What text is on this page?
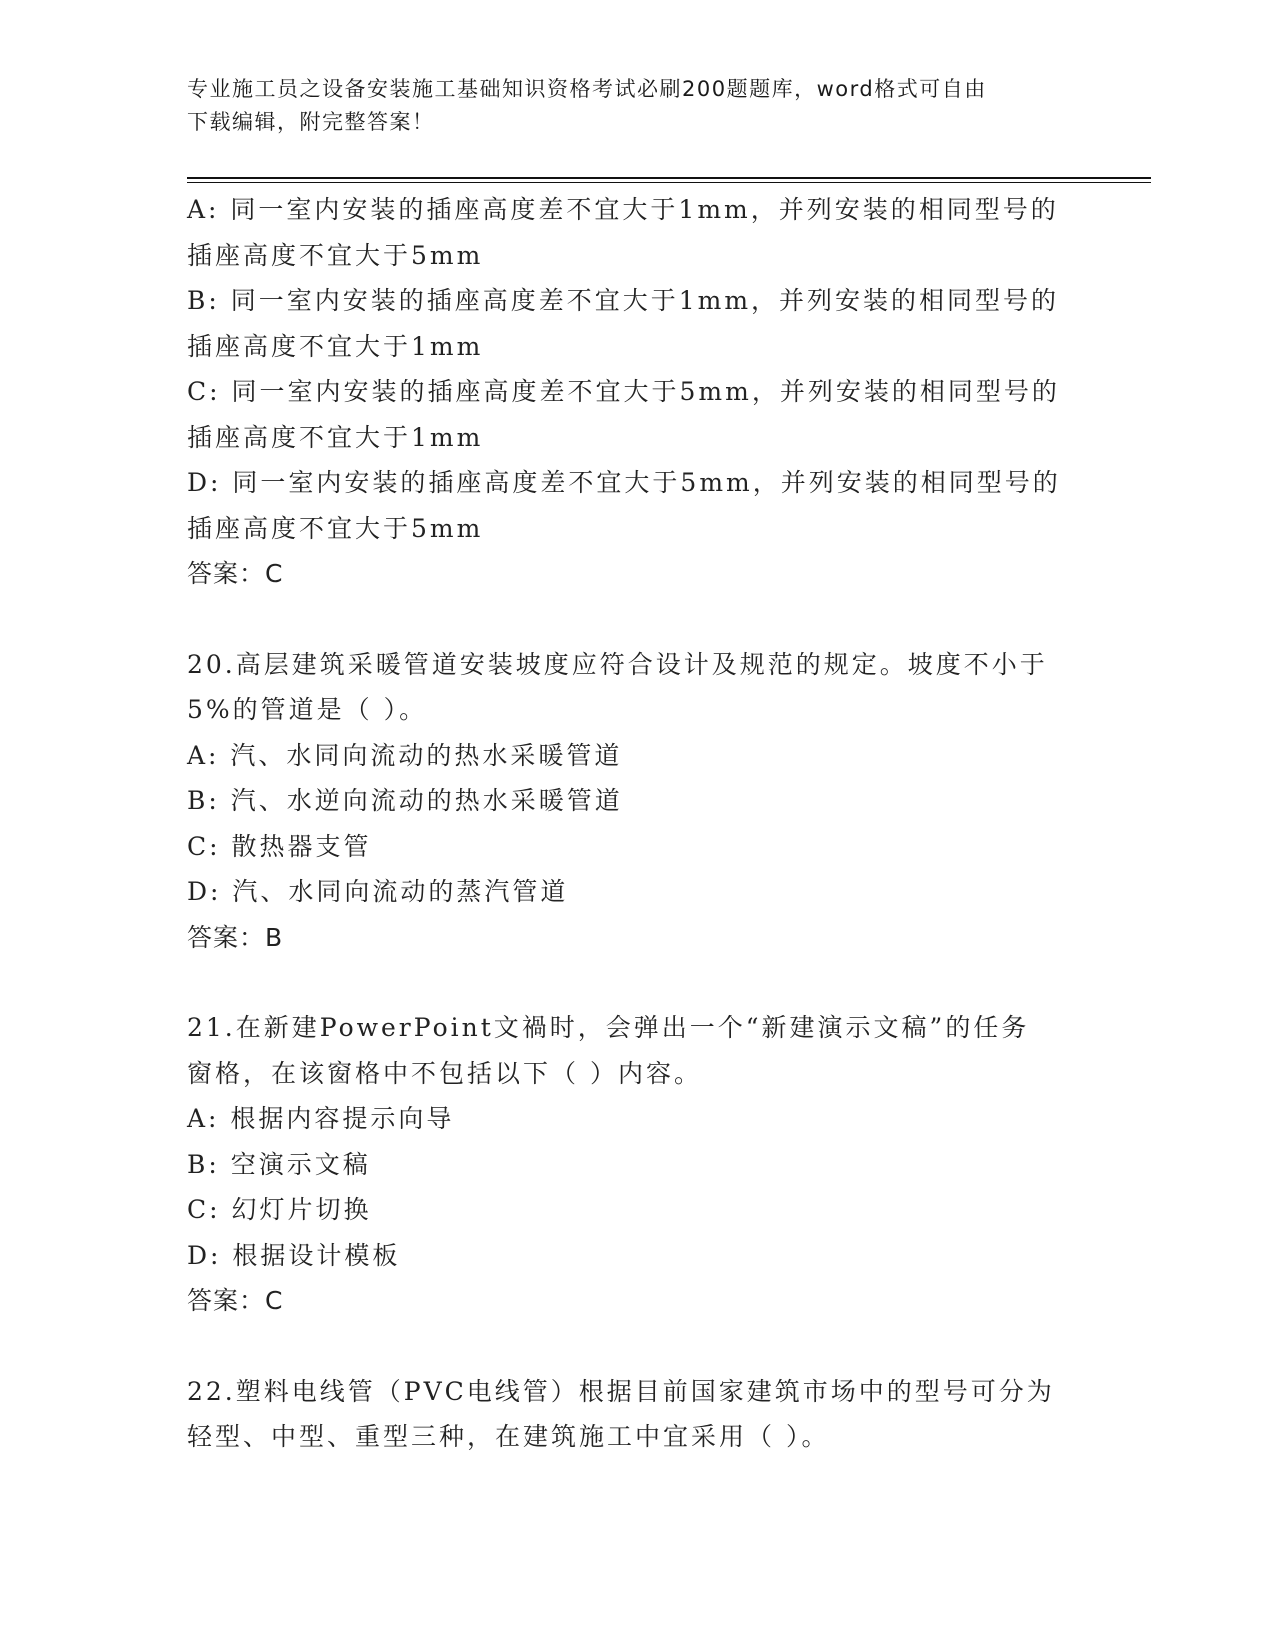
专业施工员之设备安装施工基础知识资格考试必刷200题题库，word格式可自由
下载编辑，附完整答案！
A: 同一室内安装的插座高度差不宜大于1mm，并列安装的相同型号的
插座高度不宜大于5mm
B: 同一室内安装的插座高度差不宜大于1mm，并列安装的相同型号的
插座高度不宜大于1mm
C: 同一室内安装的插座高度差不宜大于5mm，并列安装的相同型号的
插座高度不宜大于1mm
D: 同一室内安装的插座高度差不宜大于5mm，并列安装的相同型号的
插座高度不宜大于5mm
答案：C
20.高层建筑采暖管道安装坡度应符合设计及规范的规定。坡度不小于
5%的管道是（ ）。
A: 汽、水同向流动的热水采暖管道
B: 汽、水逆向流动的热水采暖管道
C: 散热器支管
D: 汽、水同向流动的蒸汽管道
答案：B
21.在新建PowerPoint文禍时，会弹出一个“新建演示文稿”的任务
窗格，在该窗格中不包括以下（ ）内容。
A: 根据内容提示向导
B: 空演示文稿
C: 幻灯片切换
D: 根据设计模板
答案：C
22.塑料电线管（PVC电线管）根据目前国家建筑市场中的型号可分为
轻型、中型、重型三种，在建筑施工中宜采用（ ）。
